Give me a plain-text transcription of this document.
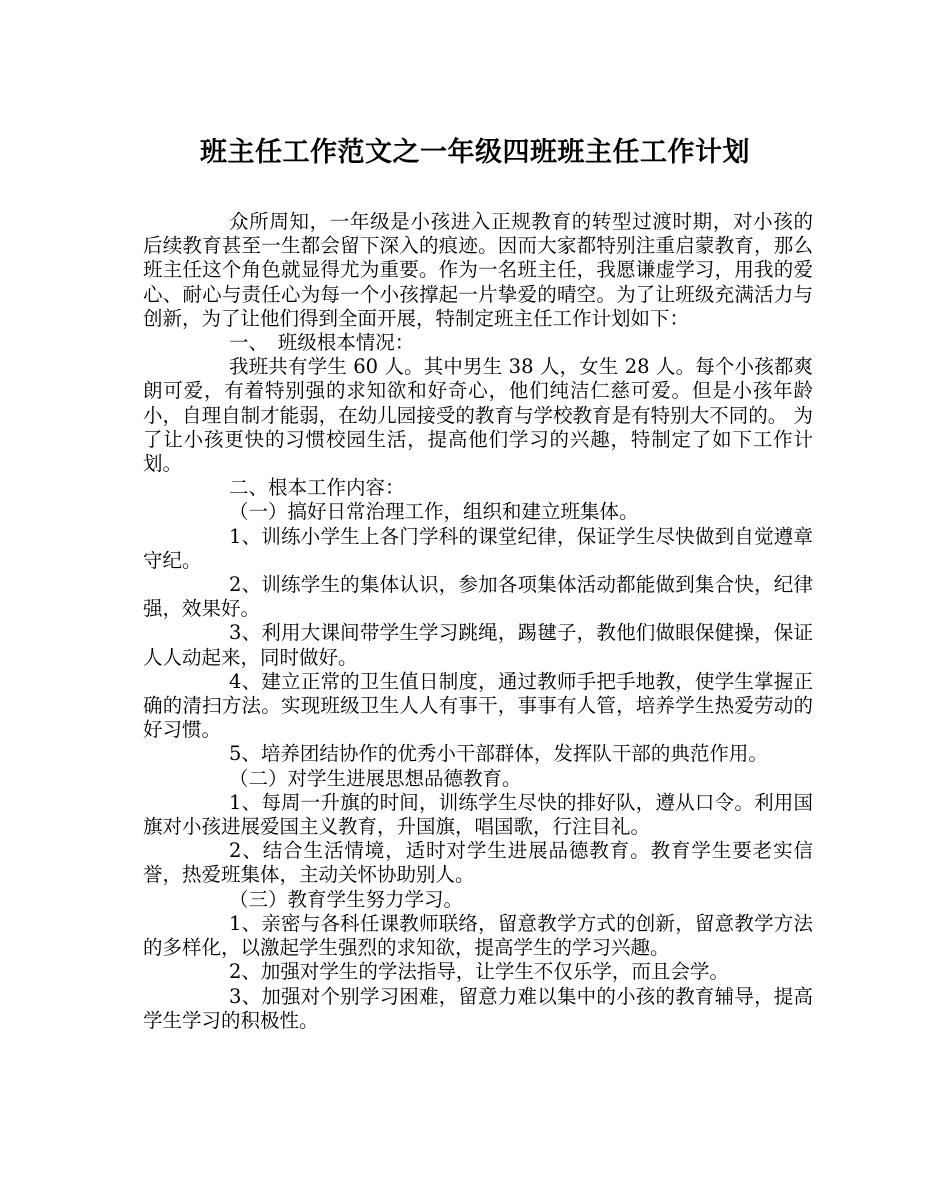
班主任工作范文之一年级四班班主任工作计划

众所周知，一年级是小孩进入正规教育的转型过渡时期，对小孩的后续教育甚至一生都会留下深入的痕迹。因而大家都特别注重启蒙教育，那么班主任这个角色就显得尤为重要。作为一名班主任，我愿谦虚学习，用我的爱心、耐心与责任心为每一个小孩撑起一片挚爱的晴空。为了让班级充满活力与创新，为了让他们得到全面开展，特制定班主任工作计划如下：

一、　班级根本情况：

我班共有学生 60 人。其中男生 38 人，女生 28 人。每个小孩都爽朗可爱，有着特别强的求知欲和好奇心，他们纯洁仁慈可爱。但是小孩年龄小，自理自制才能弱，在幼儿园接受的教育与学校教育是有特别大不同的。 为了让小孩更快的习惯校园生活，提高他们学习的兴趣，特制定了如下工作计划。

二、根本工作内容：

（一）搞好日常治理工作，组织和建立班集体。

1、训练小学生上各门学科的课堂纪律，保证学生尽快做到自觉遵章守纪。

2、训练学生的集体认识，参加各项集体活动都能做到集合快，纪律强，效果好。

3、利用大课间带学生学习跳绳，踢毽子，教他们做眼保健操，保证人人动起来，同时做好。

4、建立正常的卫生值日制度，通过教师手把手地教，使学生掌握正确的清扫方法。实现班级卫生人人有事干，事事有人管，培养学生热爱劳动的好习惯。

5、培养团结协作的优秀小干部群体，发挥队干部的典范作用。

（二）对学生进展思想品德教育。

1、每周一升旗的时间，训练学生尽快的排好队，遵从口令。利用国旗对小孩进展爱国主义教育，升国旗，唱国歌，行注目礼。

2、结合生活情境，适时对学生进展品德教育。教育学生要老实信誉，热爱班集体，主动关怀协助别人。

（三）教育学生努力学习。

1、亲密与各科任课教师联络，留意教学方式的创新，留意教学方法的多样化，以激起学生强烈的求知欲，提高学生的学习兴趣。

2、加强对学生的学法指导，让学生不仅乐学，而且会学。

3、加强对个别学习困难，留意力难以集中的小孩的教育辅导，提高学生学习的积极性。
